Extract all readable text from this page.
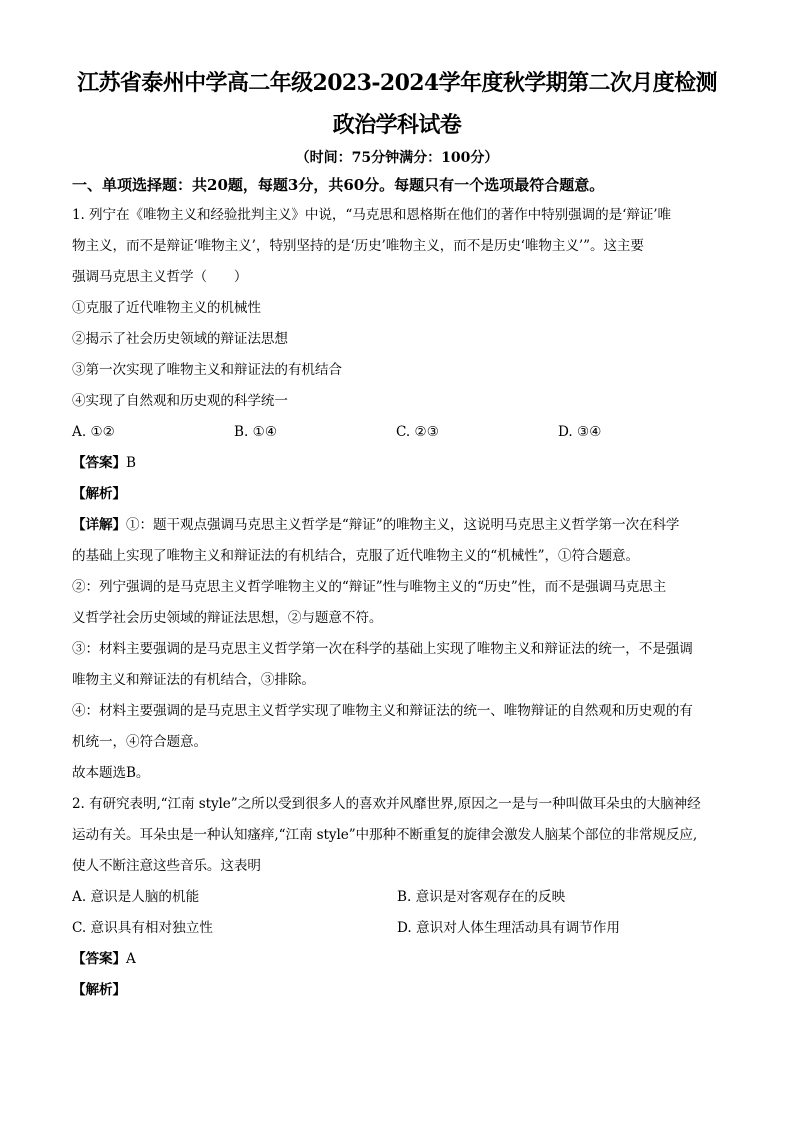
江苏省泰州中学高二年级2023-2024学年度秋学期第二次月度检测
政治学科试卷
（时间：75分钟满分：100分）
一、单项选择题：共20题，每题3分，共60分。每题只有一个选项最符合题意。

1. 列宁在《唯物主义和经验批判主义》中说，“马克思和恩格斯在他们的著作中特别强调的是‘辩证’唯

物主义，而不是辩证‘唯物主义’，特别坚持的是‘历史’唯物主义，而不是历史‘唯物主义’”。这主要

强调马克思主义哲学（　　）

①克服了近代唯物主义的机械性

②揭示了社会历史领域的辩证法思想

③第一次实现了唯物主义和辩证法的有机结合

④实现了自然观和历史观的科学统一

A. ①②	B. ①④	C. ②③	D. ③④

【答案】B

【解析】

【详解】①：题干观点强调马克思主义哲学是“辩证”的唯物主义，这说明马克思主义哲学第一次在科学

的基础上实现了唯物主义和辩证法的有机结合，克服了近代唯物主义的“机械性”，①符合题意。

②：列宁强调的是马克思主义哲学唯物主义的“辩证”性与唯物主义的“历史”性，而不是强调马克思主

义哲学社会历史领域的辩证法思想，②与题意不符。

③：材料主要强调的是马克思主义哲学第一次在科学的基础上实现了唯物主义和辩证法的统一，不是强调

唯物主义和辩证法的有机结合，③排除。

④：材料主要强调的是马克思主义哲学实现了唯物主义和辩证法的统一、唯物辩证的自然观和历史观的有

机统一，④符合题意。

故本题选B。

2. 有研究表明,“江南 style”之所以受到很多人的喜欢并风靡世界,原因之一是与一种叫做耳朵虫的大脑神经

运动有关。耳朵虫是一种认知瘙痒,“江南 style”中那种不断重复的旋律会激发人脑某个部位的非常规反应,

使人不断注意这些音乐。这表明

A. 意识是人脑的机能	B. 意识是对客观存在的反映
C. 意识具有相对独立性	D. 意识对人体生理活动具有调节作用

【答案】A

【解析】
